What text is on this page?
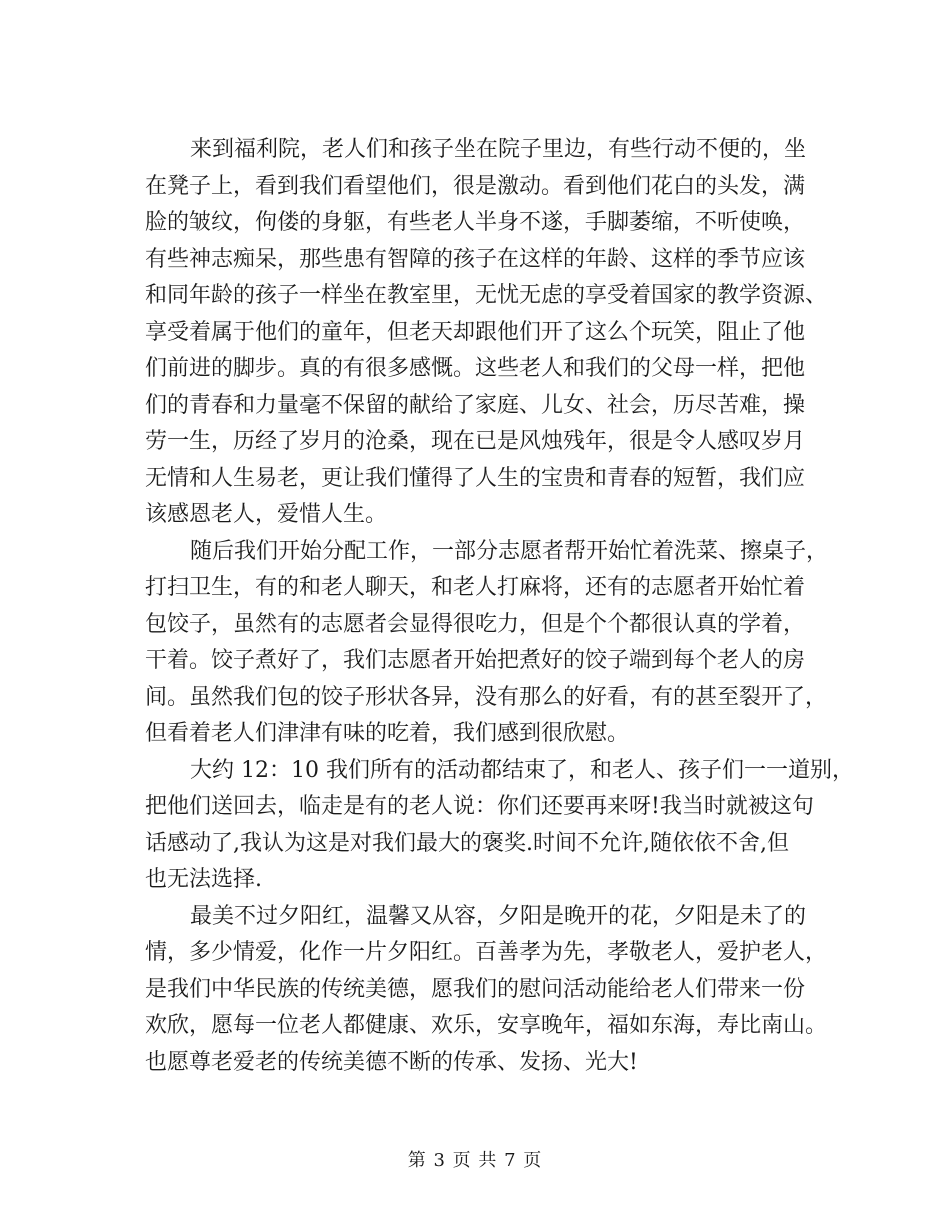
来到福利院，老人们和孩子坐在院子里边，有些行动不便的，坐
在凳子上，看到我们看望他们，很是激动。看到他们花白的头发，满
脸的皱纹，佝偻的身躯，有些老人半身不遂，手脚萎缩，不听使唤，
有些神志痴呆，那些患有智障的孩子在这样的年龄、这样的季节应该
和同年龄的孩子一样坐在教室里，无忧无虑的享受着国家的教学资源、
享受着属于他们的童年，但老天却跟他们开了这么个玩笑，阻止了他
们前进的脚步。真的有很多感慨。这些老人和我们的父母一样，把他
们的青春和力量毫不保留的献给了家庭、儿女、社会，历尽苦难，操
劳一生，历经了岁月的沧桑，现在已是风烛残年，很是令人感叹岁月
无情和人生易老，更让我们懂得了人生的宝贵和青春的短暂，我们应
该感恩老人，爱惜人生。
随后我们开始分配工作，一部分志愿者帮开始忙着洗菜、擦桌子，
打扫卫生，有的和老人聊天，和老人打麻将，还有的志愿者开始忙着
包饺子，虽然有的志愿者会显得很吃力，但是个个都很认真的学着，
干着。饺子煮好了，我们志愿者开始把煮好的饺子端到每个老人的房
间。虽然我们包的饺子形状各异，没有那么的好看，有的甚至裂开了，
但看着老人们津津有味的吃着，我们感到很欣慰。
大约 12：10 我们所有的活动都结束了，和老人、孩子们一一道别，
把他们送回去，临走是有的老人说：你们还要再来呀!我当时就被这句
话感动了,我认为这是对我们最大的褒奖.时间不允许,随依依不舍,但
也无法选择.
最美不过夕阳红，温馨又从容，夕阳是晚开的花，夕阳是未了的
情，多少情爱，化作一片夕阳红。百善孝为先，孝敬老人，爱护老人，
是我们中华民族的传统美德，愿我们的慰问活动能给老人们带来一份
欢欣，愿每一位老人都健康、欢乐，安享晚年，福如东海，寿比南山。
也愿尊老爱老的传统美德不断的传承、发扬、光大!
第 3 页 共 7 页
